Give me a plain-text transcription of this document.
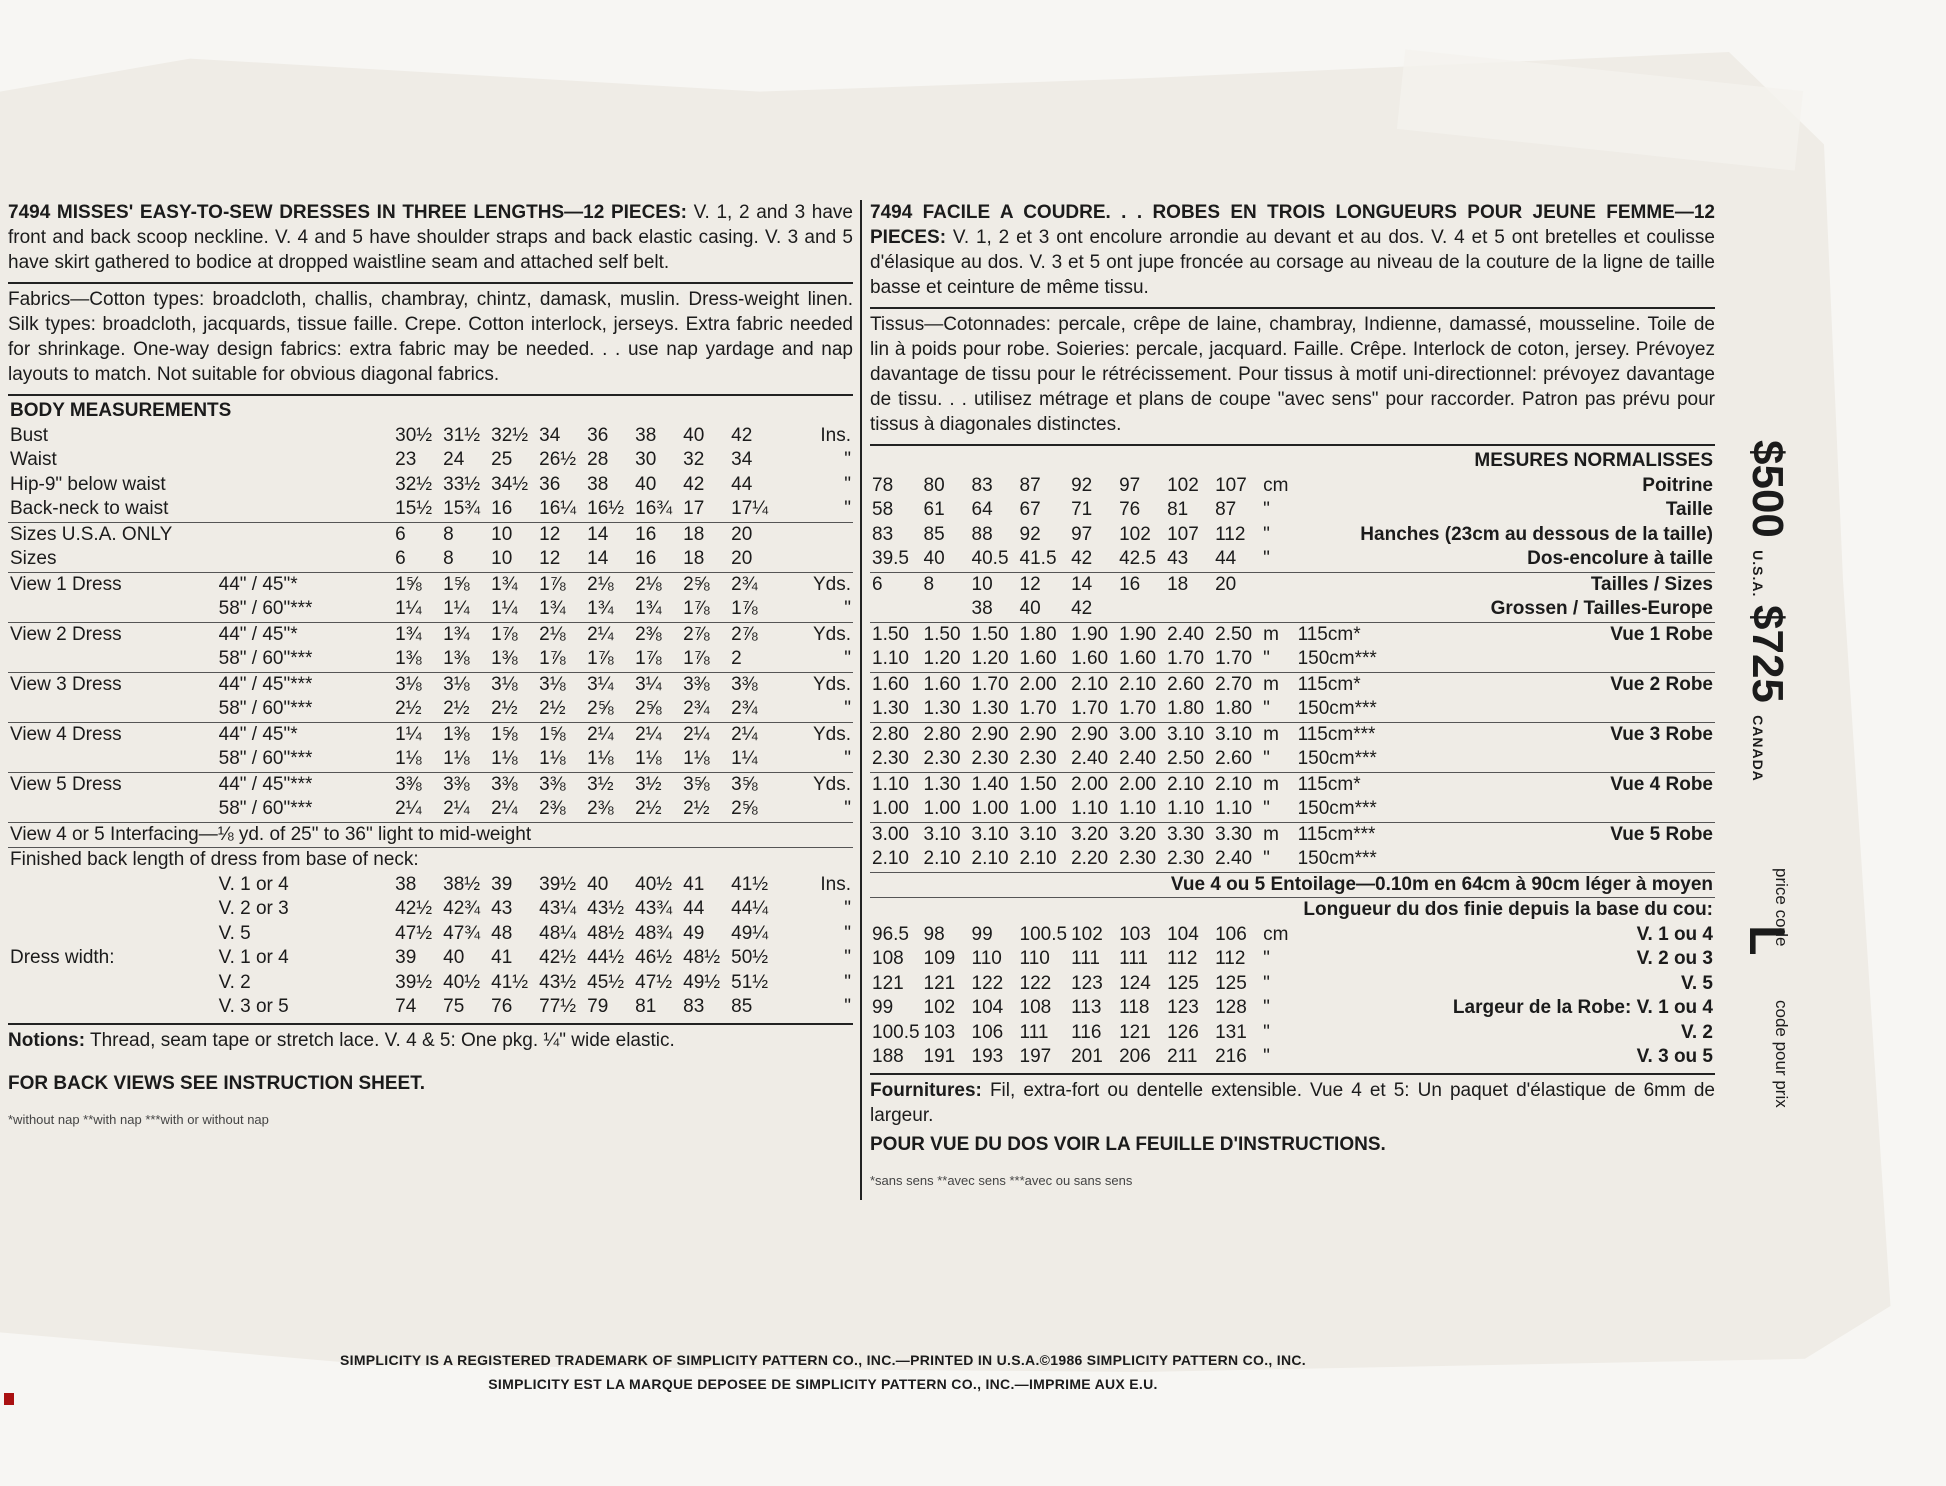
7494 MISSES' EASY-TO-SEW DRESSES IN THREE LENGTHS—12 PIECES: V. 1, 2 and 3 have front and back scoop neckline. V. 4 and 5 have shoulder straps and back elastic casing. V. 3 and 5 have skirt gathered to bodice at dropped waistline seam and attached self belt.
Fabrics—Cotton types: broadcloth, challis, chambray, chintz, damask, muslin. Dress-weight linen. Silk types: broadcloth, jacquards, tissue faille. Crepe. Cotton interlock, jerseys. Extra fabric needed for shrinkage. One-way design fabrics: extra fabric may be needed. . . use nap yardage and nap layouts to match. Not suitable for obvious diagonal fabrics.
BODY MEASUREMENTS										
Bust		30½	31½	32½	34	36	38	40	42	Ins.
Waist		23	24	25	26½	28	30	32	34	"
Hip-9" below waist		32½	33½	34½	36	38	40	42	44	"
Back-neck to waist		15½	15¾	16	16¼	16½	16¾	17	17¼	"
Sizes U.S.A. ONLY		6	8	10	12	14	16	18	20	
Sizes		6	8	10	12	14	16	18	20	
View 1 Dress	44" / 45"*	1⅝	1⅝	1¾	1⅞	2⅛	2⅛	2⅝	2¾	Yds.
	58" / 60"***	1¼	1¼	1¼	1¾	1¾	1¾	1⅞	1⅞	"
View 2 Dress	44" / 45"*	1¾	1¾	1⅞	2⅛	2¼	2⅜	2⅞	2⅞	Yds.
	58" / 60"***	1⅜	1⅜	1⅜	1⅞	1⅞	1⅞	1⅞	2	"
View 3 Dress	44" / 45"***	3⅛	3⅛	3⅛	3⅛	3¼	3¼	3⅜	3⅜	Yds.
	58" / 60"***	2½	2½	2½	2½	2⅝	2⅝	2¾	2¾	"
View 4 Dress	44" / 45"*	1¼	1⅜	1⅝	1⅝	2¼	2¼	2¼	2¼	Yds.
	58" / 60"***	1⅛	1⅛	1⅛	1⅛	1⅛	1⅛	1⅛	1¼	"
View 5 Dress	44" / 45"***	3⅜	3⅜	3⅜	3⅜	3½	3½	3⅝	3⅝	Yds.
	58" / 60"***	2¼	2¼	2¼	2⅜	2⅜	2½	2½	2⅝	"
View 4 or 5 Interfacing—⅛ yd. of 25" to 36" light to mid-weight										
Finished back length of dress from base of neck:										
	V. 1 or 4	38	38½	39	39½	40	40½	41	41½	Ins.
	V. 2 or 3	42½	42¾	43	43¼	43½	43¾	44	44¼	"
	V. 5	47½	47¾	48	48¼	48½	48¾	49	49¼	"
Dress width:	V. 1 or 4	39	40	41	42½	44½	46½	48½	50½	"
	V. 2	39½	40½	41½	43½	45½	47½	49½	51½	"
	V. 3 or 5	74	75	76	77½	79	81	83	85	"
Notions: Thread, seam tape or stretch lace. V. 4 & 5: One pkg. ¼" wide elastic.
FOR BACK VIEWS SEE INSTRUCTION SHEET.
*without nap **with nap ***with or without nap
7494 FACILE A COUDRE. . . ROBES EN TROIS LONGUEURS POUR JEUNE FEMME—12 PIECES: V. 1, 2 et 3 ont encolure arrondie au devant et au dos. V. 4 et 5 ont bretelles et coulisse d'élasique au dos. V. 3 et 5 ont jupe froncée au corsage au niveau de la couture de la ligne de taille basse et ceinture de même tissu.
Tissus—Cotonnades: percale, crêpe de laine, chambray, Indienne, damassé, mousseline. Toile de lin à poids pour robe. Soieries: percale, jacquard. Faille. Crêpe. Interlock de coton, jersey. Prévoyez davantage de tissu pour le rétrécissement. Pour tissus à motif uni-directionnel: prévoyez davantage de tissu. . . utilisez métrage et plans de coupe "avec sens" pour raccorder. Patron pas prévu pour tissus à diagonales distinctes.
MESURES NORMALISSES										
78	80	83	87	92	97	102	107	cm	Poitrine	
58	61	64	67	71	76	81	87	"	Taille	
83	85	88	92	97	102	107	112	"	Hanches (23cm au dessous de la taille)	
39.5	40	40.5	41.5	42	42.5	43	44	"	Dos-encolure à taille	
6	8	10	12	14	16	18	20		Tailles / Sizes	
		38	40	42					Grossen / Tailles-Europe	
1.50	1.50	1.50	1.80	1.90	1.90	2.40	2.50	m	115cm*	Vue 1 Robe
1.10	1.20	1.20	1.60	1.60	1.60	1.70	1.70	"	150cm***	
1.60	1.60	1.70	2.00	2.10	2.10	2.60	2.70	m	115cm*	Vue 2 Robe
1.30	1.30	1.30	1.70	1.70	1.70	1.80	1.80	"	150cm***	
2.80	2.80	2.90	2.90	2.90	3.00	3.10	3.10	m	115cm***	Vue 3 Robe
2.30	2.30	2.30	2.30	2.40	2.40	2.50	2.60	"	150cm***	
1.10	1.30	1.40	1.50	2.00	2.00	2.10	2.10	m	115cm*	Vue 4 Robe
1.00	1.00	1.00	1.00	1.10	1.10	1.10	1.10	"	150cm***	
3.00	3.10	3.10	3.10	3.20	3.20	3.30	3.30	m	115cm***	Vue 5 Robe
2.10	2.10	2.10	2.10	2.20	2.30	2.30	2.40	"	150cm***	
Vue 4 ou 5 Entoilage—0.10m en 64cm à 90cm léger à moyen										
Longueur du dos finie depuis la base du cou:										
96.5	98	99	100.5	102	103	104	106	cm	V. 1 ou 4	
108	109	110	110	111	111	112	112	"	V. 2 ou 3	
121	121	122	122	123	124	125	125	"	V. 5	
99	102	104	108	113	118	123	128	"	Largeur de la Robe: V. 1 ou 4	
100.5	103	106	111	116	121	126	131	"	V. 2	
188	191	193	197	201	206	211	216	"	V. 3 ou 5	
Fournitures: Fil, extra-fort ou dentelle extensible. Vue 4 et 5: Un paquet d'élastique de 6mm de largeur.
POUR VUE DU DOS VOIR LA FEUILLE D'INSTRUCTIONS.
*sans sens **avec sens ***avec ou sans sens
$500 U.S.A.
$725 CANADA
price code
L
code pour prix
SIMPLICITY IS A REGISTERED TRADEMARK OF SIMPLICITY PATTERN CO., INC.—PRINTED IN U.S.A.©1986 SIMPLICITY PATTERN CO., INC.
SIMPLICITY EST LA MARQUE DEPOSEE DE SIMPLICITY PATTERN CO., INC.—IMPRIME AUX E.U.
